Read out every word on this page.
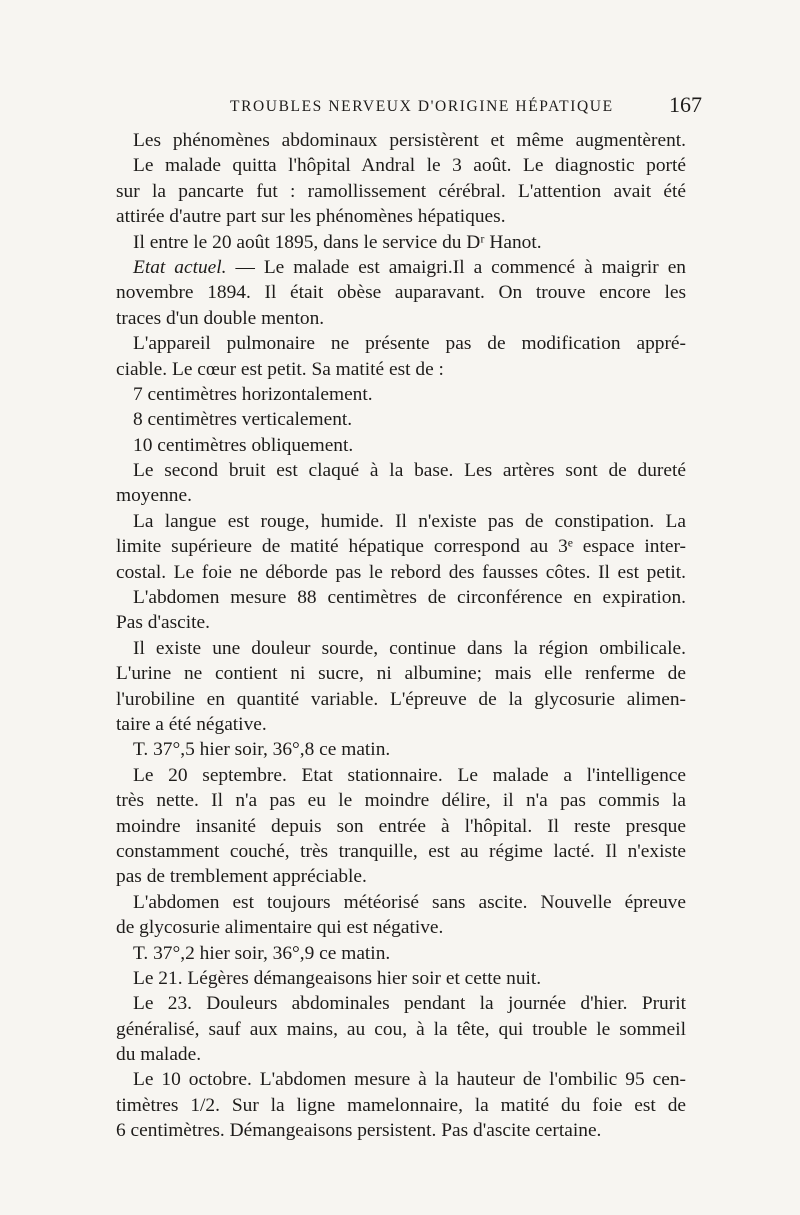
TROUBLES NERVEUX D'ORIGINE HÉPATIQUE	167
Les phénomènes abdominaux persistèrent et même augmentèrent.
Le malade quitta l'hôpital Andral le 3 août. Le diagnostic porté
sur la pancarte fut : ramollissement cérébral. L'attention avait été
attirée d'autre part sur les phénomènes hépatiques.
Il entre le 20 août 1895, dans le service du Dʳ Hanot.
Etat actuel. — Le malade est amaigri.Il a commencé à maigrir en
novembre 1894. Il était obèse auparavant. On trouve encore les
traces d'un double menton.
L'appareil pulmonaire ne présente pas de modification appré-
ciable. Le cœur est petit. Sa matité est de :
7 centimètres horizontalement.
8 centimètres verticalement.
10 centimètres obliquement.
Le second bruit est claqué à la base. Les artères sont de dureté
moyenne.
La langue est rouge, humide. Il n'existe pas de constipation. La
limite supérieure de matité hépatique correspond au 3ᵉ espace inter-
costal. Le foie ne déborde pas le rebord des fausses côtes. Il est petit.
L'abdomen mesure 88 centimètres de circonférence en expiration.
Pas d'ascite.
Il existe une douleur sourde, continue dans la région ombilicale.
L'urine ne contient ni sucre, ni albumine; mais elle renferme de
l'urobiline en quantité variable. L'épreuve de la glycosurie alimen-
taire a été négative.
T. 37°,5 hier soir, 36°,8 ce matin.
Le 20 septembre. Etat stationnaire. Le malade a l'intelligence
très nette. Il n'a pas eu le moindre délire, il n'a pas commis la
moindre insanité depuis son entrée à l'hôpital. Il reste presque
constamment couché, très tranquille, est au régime lacté. Il n'existe
pas de tremblement appréciable.
L'abdomen est toujours météorisé sans ascite. Nouvelle épreuve
de glycosurie alimentaire qui est négative.
T. 37°,2 hier soir, 36°,9 ce matin.
Le 21. Légères démangeaisons hier soir et cette nuit.
Le 23. Douleurs abdominales pendant la journée d'hier. Prurit
généralisé, sauf aux mains, au cou, à la tête, qui trouble le sommeil
du malade.
Le 10 octobre. L'abdomen mesure à la hauteur de l'ombilic 95 cen-
timètres 1/2. Sur la ligne mamelonnaire, la matité du foie est de
6 centimètres. Démangeaisons persistent. Pas d'ascite certaine.
